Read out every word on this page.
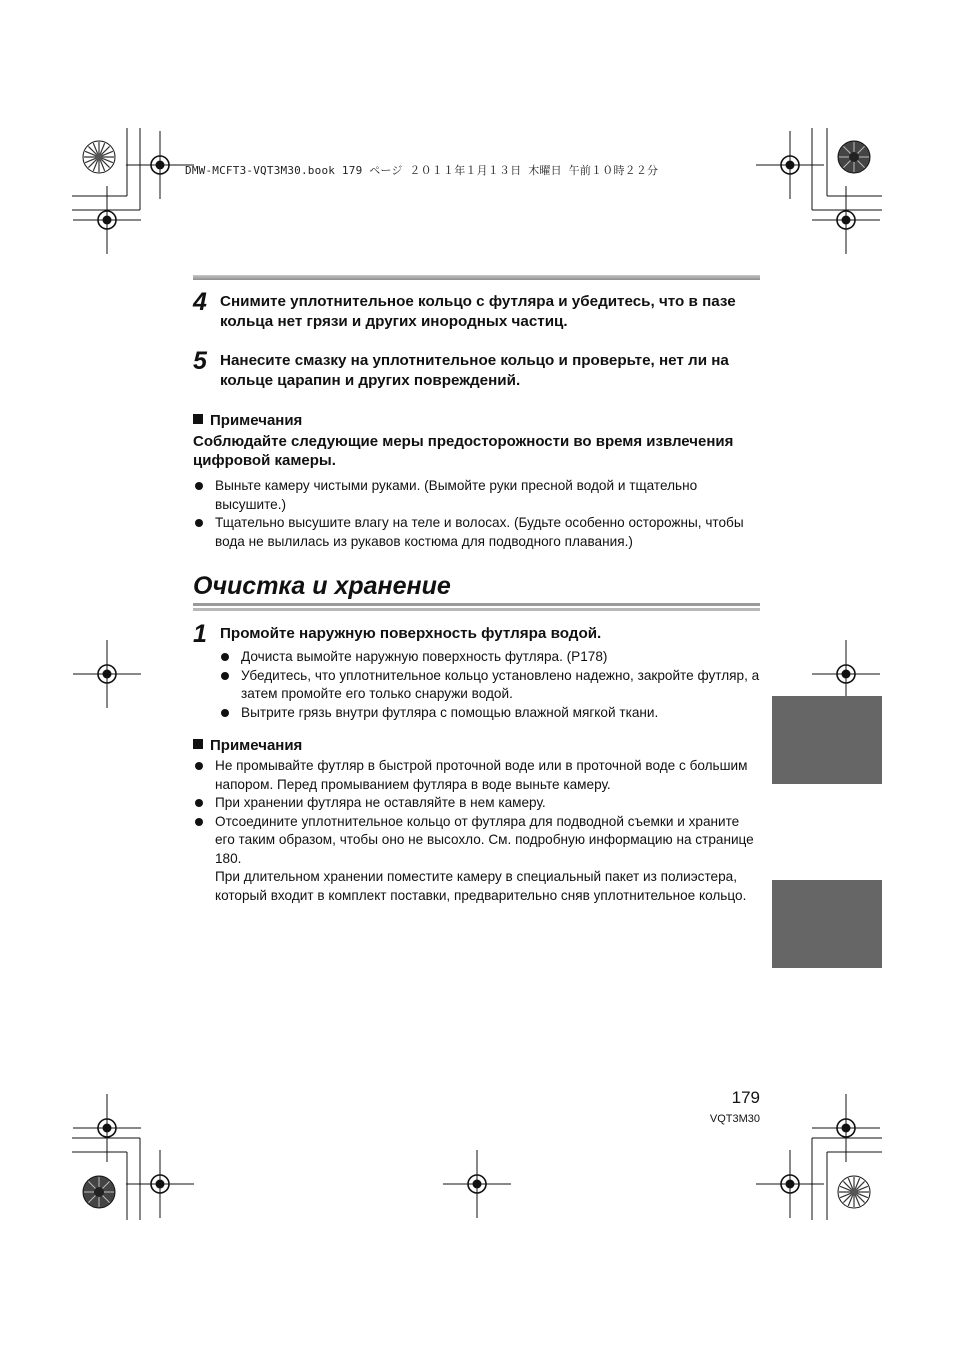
DMW-MCFT3-VQT3M30.book 179 ページ ２０１１年１月１３日 木曜日 午前１０時２２分
4 Снимите уплотнительное кольцо с футляра и убедитесь, что в пазе кольца нет грязи и других инородных частиц.
5 Нанесите смазку на уплотнительное кольцо и проверьте, нет ли на кольце царапин и других повреждений.
Примечания
Соблюдайте следующие меры предосторожности во время извлечения цифровой камеры.
Выньте камеру чистыми руками. (Вымойте руки пресной водой и тщательно высушите.)
Тщательно высушите влагу на теле и волосах. (Будьте особенно осторожны, чтобы вода не вылилась из рукавов костюма для подводного плавания.)
Очистка и хранение
1 Промойте наружную поверхность футляра водой.
Дочиста вымойте наружную поверхность футляра. (P178)
Убедитесь, что уплотнительное кольцо установлено надежно, закройте футляр, а затем промойте его только снаружи водой.
Вытрите грязь внутри футляра с помощью влажной мягкой ткани.
Примечания
Не промывайте футляр в быстрой проточной воде или в проточной воде с большим напором. Перед промыванием футляра в воде выньте камеру.
При хранении футляра не оставляйте в нем камеру.
Отсоедините уплотнительное кольцо от футляра для подводной съемки и храните его таким образом, чтобы оно не высохло. См. подробную информацию на странице 180.
При длительном хранении поместите камеру в специальный пакет из полиэстера, который входит в комплект поставки, предварительно сняв уплотнительное кольцо.
179
VQT3M30
